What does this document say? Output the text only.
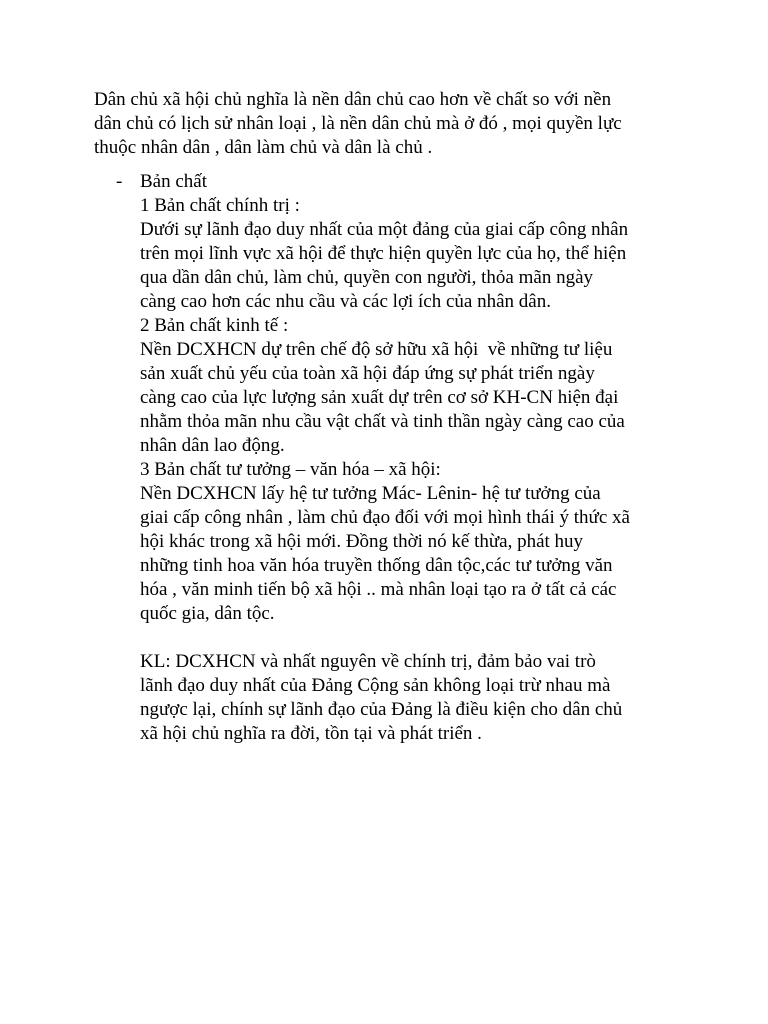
Dân chủ xã hội chủ nghĩa là nền dân chủ cao hơn về chất so với nền
dân chủ có lịch sử nhân loại , là nền dân chủ mà ở đó , mọi quyền lực
thuộc nhân dân , dân làm chủ và dân là chủ .

- Bản chất
1 Bản chất chính trị :
Dưới sự lãnh đạo duy nhất của một đảng của giai cấp công nhân
trên mọi lĩnh vực xã hội để thực hiện quyền lực của họ, thể hiện
qua dần dân chủ, làm chủ, quyền con người, thỏa mãn ngày
càng cao hơn các nhu cầu và các lợi ích của nhân dân.
2 Bản chất kinh tế :
Nền DCXHCN dự trên chế độ sở hữu xã hội  về những tư liệu
sản xuất chủ yếu của toàn xã hội đáp ứng sự phát triển ngày
càng cao của lực lượng sản xuất dự trên cơ sở KH-CN hiện đại
nhằm thỏa mãn nhu cầu vật chất và tinh thần ngày càng cao của
nhân dân lao động.
3 Bản chất tư tưởng – văn hóa – xã hội:
Nền DCXHCN lấy hệ tư tưởng Mác- Lênin- hệ tư tưởng của
giai cấp công nhân , làm chủ đạo đối với mọi hình thái ý thức xã
hội khác trong xã hội mới. Đồng thời nó kế thừa, phát huy
những tinh hoa văn hóa truyền thống dân tộc,các tư tưởng văn
hóa , văn minh tiến bộ xã hội .. mà nhân loại tạo ra ở tất cả các
quốc gia, dân tộc.
KL: DCXHCN và nhất nguyên về chính trị, đảm bảo vai trò
lãnh đạo duy nhất của Đảng Cộng sản không loại trừ nhau mà
ngược lại, chính sự lãnh đạo của Đảng là điều kiện cho dân chủ
xã hội chủ nghĩa ra đời, tồn tại và phát triển .
